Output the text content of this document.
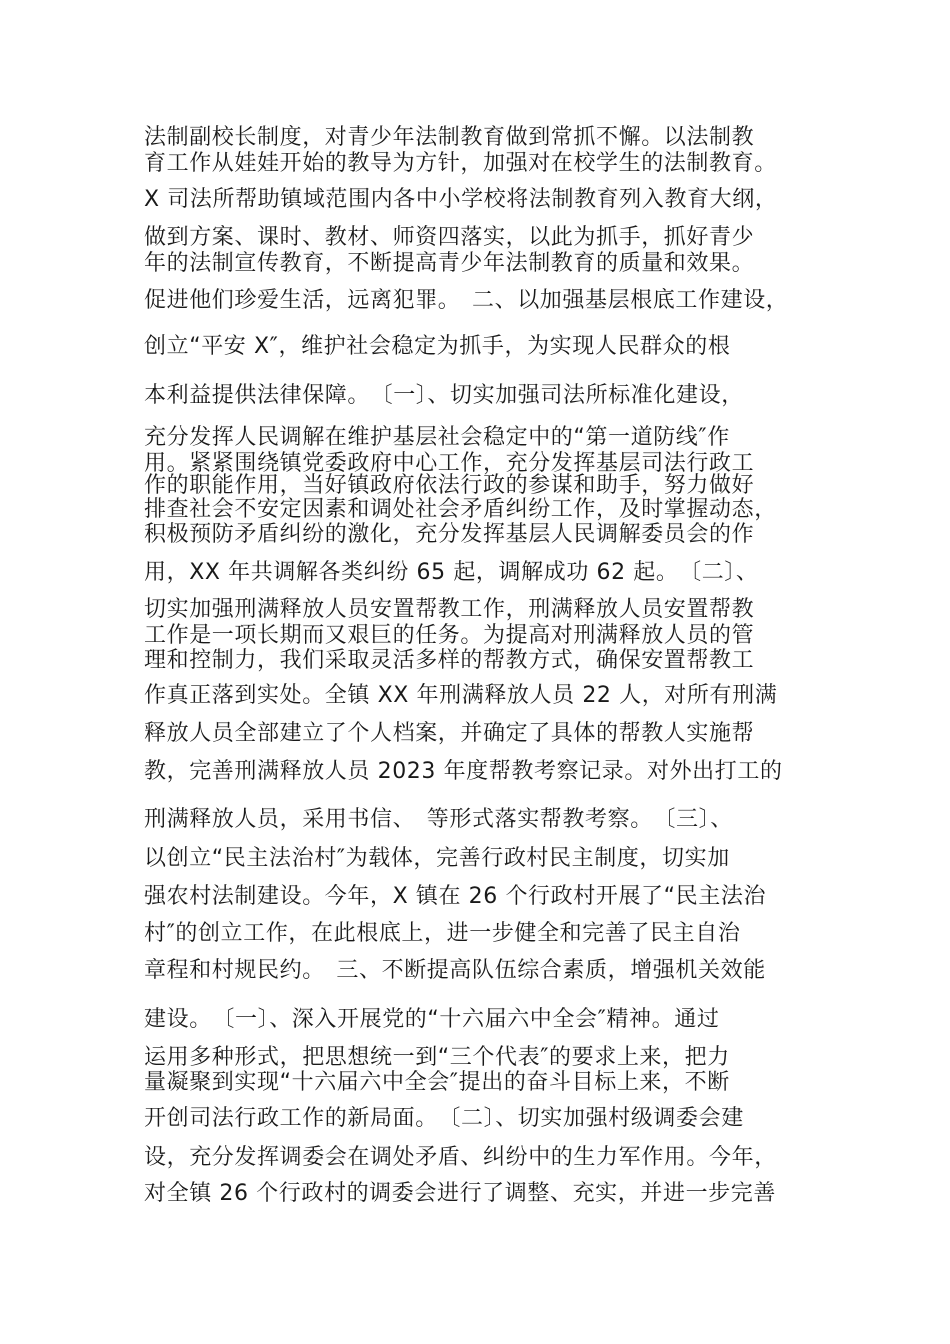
法制副校长制度，对青少年法制教育做到常抓不懈。以法制教
育工作从娃娃开始的教导为方针，加强对在校学生的法制教育。
X 司法所帮助镇域范围内各中小学校将法制教育列入教育大纲，
做到方案、课时、教材、师资四落实，以此为抓手，抓好青少
年的法制宣传教育，不断提高青少年法制教育的质量和效果。
促进他们珍爱生活，远离犯罪。　二、以加强基层根底工作建设，
创立“平安 X″，维护社会稳定为抓手，为实现人民群众的根
本利益提供法律保障。　〔一〕、切实加强司法所标准化建设，
充分发挥人民调解在维护基层社会稳定中的“第一道防线″作
用。紧紧围绕镇党委政府中心工作，充分发挥基层司法行政工
作的职能作用，当好镇政府依法行政的参谋和助手，努力做好
排查社会不安定因素和调处社会矛盾纠纷工作，及时掌握动态，
积极预防矛盾纠纷的激化，充分发挥基层人民调解委员会的作
用，XX 年共调解各类纠纷 65 起，调解成功 62 起。　〔二〕、
切实加强刑满释放人员安置帮教工作，刑满释放人员安置帮教
工作是一项长期而又艰巨的任务。为提高对刑满释放人员的管
理和控制力，我们采取灵活多样的帮教方式，确保安置帮教工
作真正落到实处。全镇 XX 年刑满释放人员 22 人，对所有刑满
释放人员全部建立了个人档案，并确定了具体的帮教人实施帮
教，完善刑满释放人员 2023 年度帮教考察记录。对外出打工的
刑满释放人员，采用书信、　等形式落实帮教考察。　〔三〕、
以创立“民主法治村″为载体，完善行政村民主制度，切实加
强农村法制建设。今年，X 镇在 26 个行政村开展了“民主法治
村″的创立工作，在此根底上，进一步健全和完善了民主自治
章程和村规民约。　三、不断提高队伍综合素质，增强机关效能
建设。　〔一〕、深入开展党的“十六届六中全会″精神。通过
运用多种形式，把思想统一到“三个代表″的要求上来，把力
量凝聚到实现“十六届六中全会″提出的奋斗目标上来，不断
开创司法行政工作的新局面。　〔二〕、切实加强村级调委会建
设，充分发挥调委会在调处矛盾、纠纷中的生力军作用。今年，
对全镇 26 个行政村的调委会进行了调整、充实，并进一步完善
